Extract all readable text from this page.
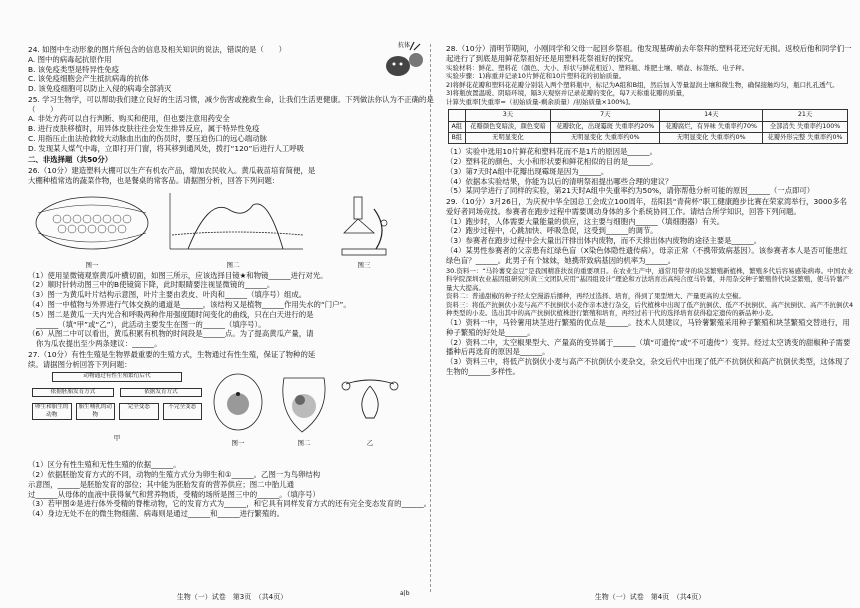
抗体

24. 如图中生动形象的图片所包含的信息及相关知识的说法，错误的是（　　）

A. 图中的病毒起抗原作用

B. 该免疫类型是特异性免疫

C. 该免疫细胞会产生抵抗病毒的抗体

D. 该免疫细胞可以防止入侵的病毒全部消灭

25. 学习生物学，可以帮助我们建立良好的生活习惯，减少伤害或挽救生命，让我们生活更健康。下列做法你认为不正确的是（　　）

A. 非处方药可以自行判断、购买和使用，但也要注意用药安全

B. 进行皮肤移植时，用异体皮肤往往会发生排异反应，属于特异性免疫

C. 用指压止血法抢救较大动脉血出血的伤员时，要压迫伤口的远心端动脉

D. 发现某人煤气中毒，立即打开门窗，将其移到通风处，拨打“120”后进行人工呼吸

二、非选择题（共50分）

26.（10分）建造塑料大棚可以生产有机农产品，增加农民收入。黄瓜栽苗培育简便，是

大棚种植常选的蔬菜作物，也是餐桌的常客品。请据图分析，回答下列问题：

图一	图二	图三

（1）使用显微镜观察黄瓜叶横切面，如图三所示，应该选择目镜★和物镜______进行对光。

（2）顺时针转动图三中的B使镜筒下降，此时眼睛要注视显微镜的______。

（3）图一为黄瓜叶片结构示意图，叶片主要由表皮、叶肉和______（填序号）组成。

（4）图一中植物与外界进行气体交换的通道是______，该结构又是植物______作用失水的“门户”。

（5）图二是黄瓜一天内光合和呼吸两种作用强度随时间变化的曲线，只在白天进行的是

______（填“甲”或“乙”），此活动主要发生在图一的______（填序号）。

（6）从图二中可以看出，黄瓜积累有机物的时间段是______点。为了提高黄瓜产量，请

你为瓜农提出至少两条建议：______。

27.（10分）有性生殖是生物界最重要的生殖方式，生物通过有性生殖，保证了物种的延

续。请据图分析回答下列问题：

动物通过有性生殖繁衍后代
依据胚胎发育方式	依据发育方式
卵生和胎生的动物
胎生哺乳的动物
完全变态	不完全变态
甲
图一	图二	乙

（1）区分有性生殖和无性生殖的依据______。

（2）依据胚胎发育方式的不同，动物的生殖方式分为卵生和①______。乙图一为鸟卵结构

示意图，______是胚胎发育的部位；其中能为胚胎发育的营养供应；图二中胎儿通

过______从母体的血液中获得氧气和营养物质，受精的场所是图三中的______。（填序号）

（3）若甲图②是进行体外受精的脊椎动物，它的发育方式为______，和它具有同样发育方式的还有完全变态发育的______。

（4）身边无处不在的微生物细菌、病毒则是通过______和______进行繁殖的。

生物（一）试卷　第3页　（共4页）

28.（10分）清明节期间，小刚同学和父母一起回乡祭祖。他发现墓碑前去年祭拜的塑料花还完好无损。返校后他和同学们一起进行了到底是用鲜花祭祖好还是用塑料花祭祖好的探究。

实验材料：鲜花、塑料花（颜色、大小、形状与鲜花相近）、塑料瓶、堆肥土壤、喷壶、标签纸、电子秤。

实验步骤：1)称重并记录10片鲜花和10片塑料花的初始质量。

2)将鲜花花瓣和塑料花花瓣分别装入两个塑料瓶中，标记为A组和B组，然后加入等量湿润土壤和微生物，确保接触均匀，瓶口扎孔透气。

3)将瓶放置温暖、阴暗环境，隔3天观察并记录花瓣的变化，每7天称重花瓣的质量，

计算失重率[失重率=（初始质量-剩余质量）/初始质量×100%]。

	3天	7天	14天	21天
A组	花瓣颜色变暗淡，颜色变暗	花瓣软化，出现霉斑 失重率约20%	花瓣腐烂，有异味 失重率约70%	全部消失 失重率约100%
B组	无明显变化	无明显变化 失重率约0%	无明显变化 失重率约0%	花瓣外形完整 失重率约0%

（1）实验中选用10片鲜花和塑料花而不是1片的原因是______。

（2）塑料花的颜色、大小和形状要和鲜花相似的目的是______。

（3）第7天时A组中花瓣出现霉斑是因为______。

（4）依据本实验结果，你能为以后的清明祭祖提出哪些合理的建议？______

（5）某同学进行了同样的实验，第21天时A组中失重率约为50%，请你帮他分析可能的原因______（一点即可）

29.（10分）3月26日，为庆祝中华全国总工会成立100周年，岳阳县“青荷杯”职工健康跑步比赛在荣家湾举行，3000多名爱好者同场竞技。参赛者在跑步过程中需要调动身体的多个系统协同工作。请结合所学知识，回答下列问题。

（1）跑步时，人体需要大量能量的供应，这主要与细胞内______（填细胞器）有关。

（2）跑步过程中，心跳加快、呼吸急促，这受到______的调节。

（3）参赛者在跑步过程中会大量出汗排出体内废物，而不天排出体内废物的途径主要是______。

（4）某男性参赛者的父亲患有红绿色盲（X染色体隐性遗传病），母亲正常（不携带致病基因）。该参赛者本人是否可能患红绿色盲？______。此男子有个妹妹，她携带致病基因的机率为______。

30.资料一：“马铃薯变金豆”是我国精准扶贫的重要项目。在农业生产中，通常用带芽的块茎繁殖新植株，繁殖多代后容易感染病毒。中国农业科学院深圳农业基因组研究所黄三文团队应用“基因组设计”理论和方法培育出高纯合度马铃薯，并用杂交种子繁殖替代块茎繁殖，使马铃薯产量大大提高。

资料二：普通甜椒的种子经太空漫游后播种，再经过选择、培育，得到了果型增大、产量更高的太空椒。

资料三：将低产抗倒伏小麦与高产不抗倒伏小麦作亲本进行杂交，后代植株中出现了低产抗倒伏、低产不抗倒伏、高产抗倒伏、高产不抗倒伏4种类型的小麦。选出其中的高产抗倒伏植株进行繁殖和培育，再经过若干代的选择培育获得稳定遗传的新品种小麦。

（1）资料一中，马铃薯用块茎进行繁殖的优点是______。技术人员建议，马铃薯繁殖采用种子繁殖和块茎繁殖交替进行，用种子繁殖的好处是______。

（2）资料二中，太空椒果型大、产量高的变异属于______（填“可遗传”或“不可遗传”）变异。经过太空诱变的甜椒种子需要播种后再选育的原因是______。

（3）资料三中，将低产抗倒伏小麦与高产不抗倒伏小麦杂交，杂交后代中出现了低产不抗倒伏和高产抗倒伏类型，这体现了生物的______多样性。

生物（一）试卷　第4页　（共4页）
a|b
